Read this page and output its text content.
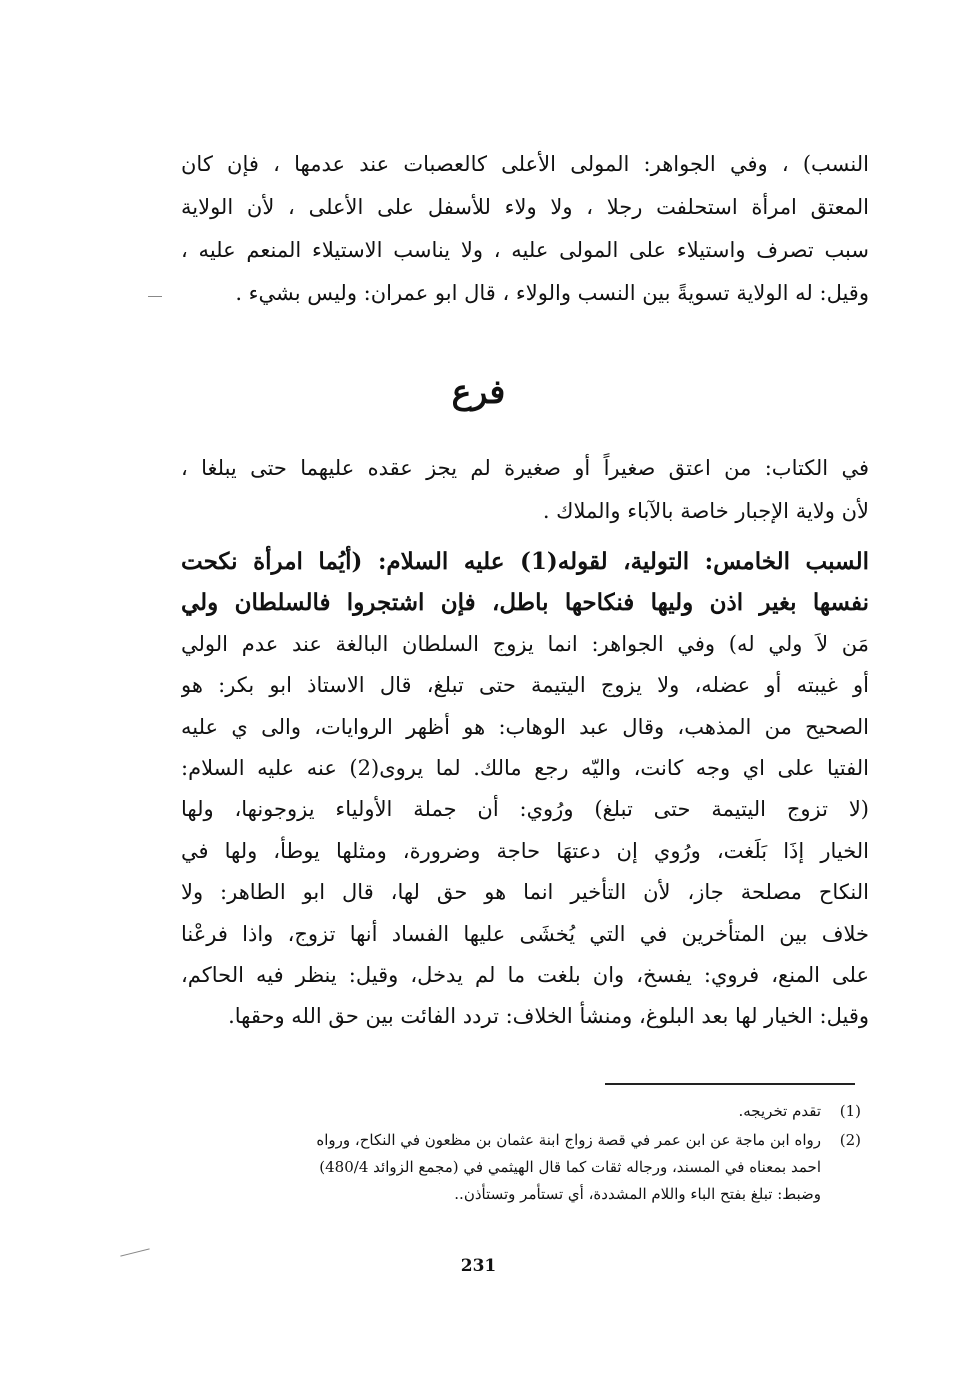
النسب) ، وفي الجواهر: المولى الأعلى كالعصبات عند عدمها ، فإن كان
المعتق امرأة استحلفت رجلا ، ولا ولاء للأسفل على الأعلى ، لأن الولاية
سبب تصرف واستيلاء على المولى عليه ، ولا يناسب الاستيلاء المنعم عليه ،
وقيل: له الولاية تسويةً بين النسب والولاء ، قال ابو عمران: وليس بشيء .
فرع
في الكتاب: من اعتق صغيراً أو صغيرة لم يجز عقده عليهما حتى يبلغا ،
لأن ولاية الإجبار خاصة بالآباء والملاك .
السبب الخامس: التولية، لقوله(1) عليه السلام: (أيُما امرأة نكحت
نفسها بغير اذن وليها فنكاحها باطل، فإن اشتجروا فالسلطان ولي
مَن لاَ ولي له) وفي الجواهر: انما يزوج السلطان البالغة عند عدم الولي
أو غيبته أو عضله، ولا يزوج اليتيمة حتى تبلغ، قال الاستاذ ابو بكر: هو
الصحيح من المذهب، وقال عبد الوهاب: هو أظهر الروايات، والى ي عليه
الفتيا على اي وجه كانت، واليّه رجع مالك. لما يروى(2) عنه عليه السلام:
(لا تزوج اليتيمة حتى تبلغ) ورُوي: أن جملة الأولياء يزوجونها، ولها
الخيار إذَا بَلَغت، ورُوي إن دعتهَا حاجة وضرورة، ومثلها يوطأ، ولها في
النكاح مصلحة جاز، لأن التأخير انما هو حق لها، قال ابو الطاهر: ولا
خلاف بين المتأخرين في التي يُخشَى عليها الفساد أنها تزوج، واذا فرعْنا
على المنع، فروي: يفسخ، وان بلغت ما لم يدخل، وقيل: ينظر فيه الحاكم،
وقيل: الخيار لها بعد البلوغ، ومنشأ الخلاف: تردد الفائت بين حق الله وحقها.
(1)
تقدم تخريجه.
(2)
رواه ابن ماجة عن ابن عمر في قصة زواج ابنة عثمان بن مظعون في النكاح، ورواه
احمد بمعناه في المسند، ورجاله ثقات كما قال الهيثمي في (مجمع الزوائد 480/4)
وضبط: تبلغ بفتح الباء واللام المشددة، أي تستأمر وتستأذن..
231
